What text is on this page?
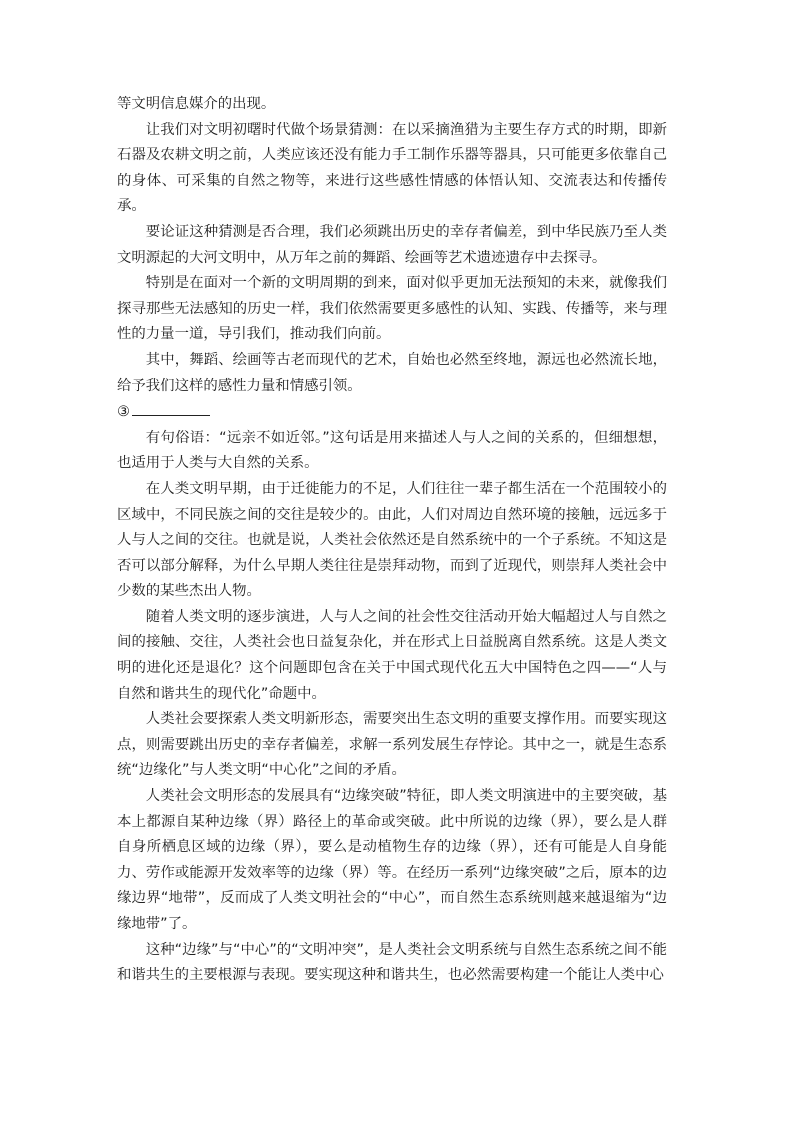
等文明信息媒介的出现。

让我们对文明初曙时代做个场景猜测：在以采摘渔猎为主要生存方式的时期，即新石器及农耕文明之前，人类应该还没有能力手工制作乐器等器具，只可能更多依靠自己的身体、可采集的自然之物等，来进行这些感性情感的体悟认知、交流表达和传播传承。

要论证这种猜测是否合理，我们必须跳出历史的幸存者偏差，到中华民族乃至人类文明源起的大河文明中，从万年之前的舞蹈、绘画等艺术遗迹遗存中去探寻。

特别是在面对一个新的文明周期的到来，面对似乎更加无法预知的未来，就像我们探寻那些无法感知的历史一样，我们依然需要更多感性的认知、实践、传播等，来与理性的力量一道，导引我们，推动我们向前。

其中，舞蹈、绘画等古老而现代的艺术，自始也必然至终地，源远也必然流长地，给予我们这样的感性力量和情感引领。

③

有句俗语：“远亲不如近邻。”这句话是用来描述人与人之间的关系的，但细想想，也适用于人类与大自然的关系。

在人类文明早期，由于迁徙能力的不足，人们往往一辈子都生活在一个范围较小的区域中，不同民族之间的交往是较少的。由此，人们对周边自然环境的接触，远远多于人与人之间的交往。也就是说，人类社会依然还是自然系统中的一个子系统。不知这是否可以部分解释，为什么早期人类往往是崇拜动物，而到了近现代，则崇拜人类社会中少数的某些杰出人物。

随着人类文明的逐步演进，人与人之间的社会性交往活动开始大幅超过人与自然之间的接触、交往，人类社会也日益复杂化，并在形式上日益脱离自然系统。这是人类文明的进化还是退化？这个问题即包含在关于中国式现代化五大中国特色之四——“人与自然和谐共生的现代化”命题中。

人类社会要探索人类文明新形态，需要突出生态文明的重要支撑作用。而要实现这点，则需要跳出历史的幸存者偏差，求解一系列发展生存悖论。其中之一，就是生态系统“边缘化”与人类文明“中心化”之间的矛盾。

人类社会文明形态的发展具有“边缘突破”特征，即人类文明演进中的主要突破，基本上都源自某种边缘（界）路径上的革命或突破。此中所说的边缘（界），要么是人群自身所栖息区域的边缘（界），要么是动植物生存的边缘（界），还有可能是人自身能力、劳作或能源开发效率等的边缘（界）等。在经历一系列“边缘突破”之后，原本的边缘边界“地带”，反而成了人类文明社会的“中心”，而自然生态系统则越来越退缩为“边缘地带”了。

这种“边缘”与“中心”的“文明冲突”，是人类社会文明系统与自然生态系统之间不能和谐共生的主要根源与表现。要实现这种和谐共生，也必然需要构建一个能让人类中心
